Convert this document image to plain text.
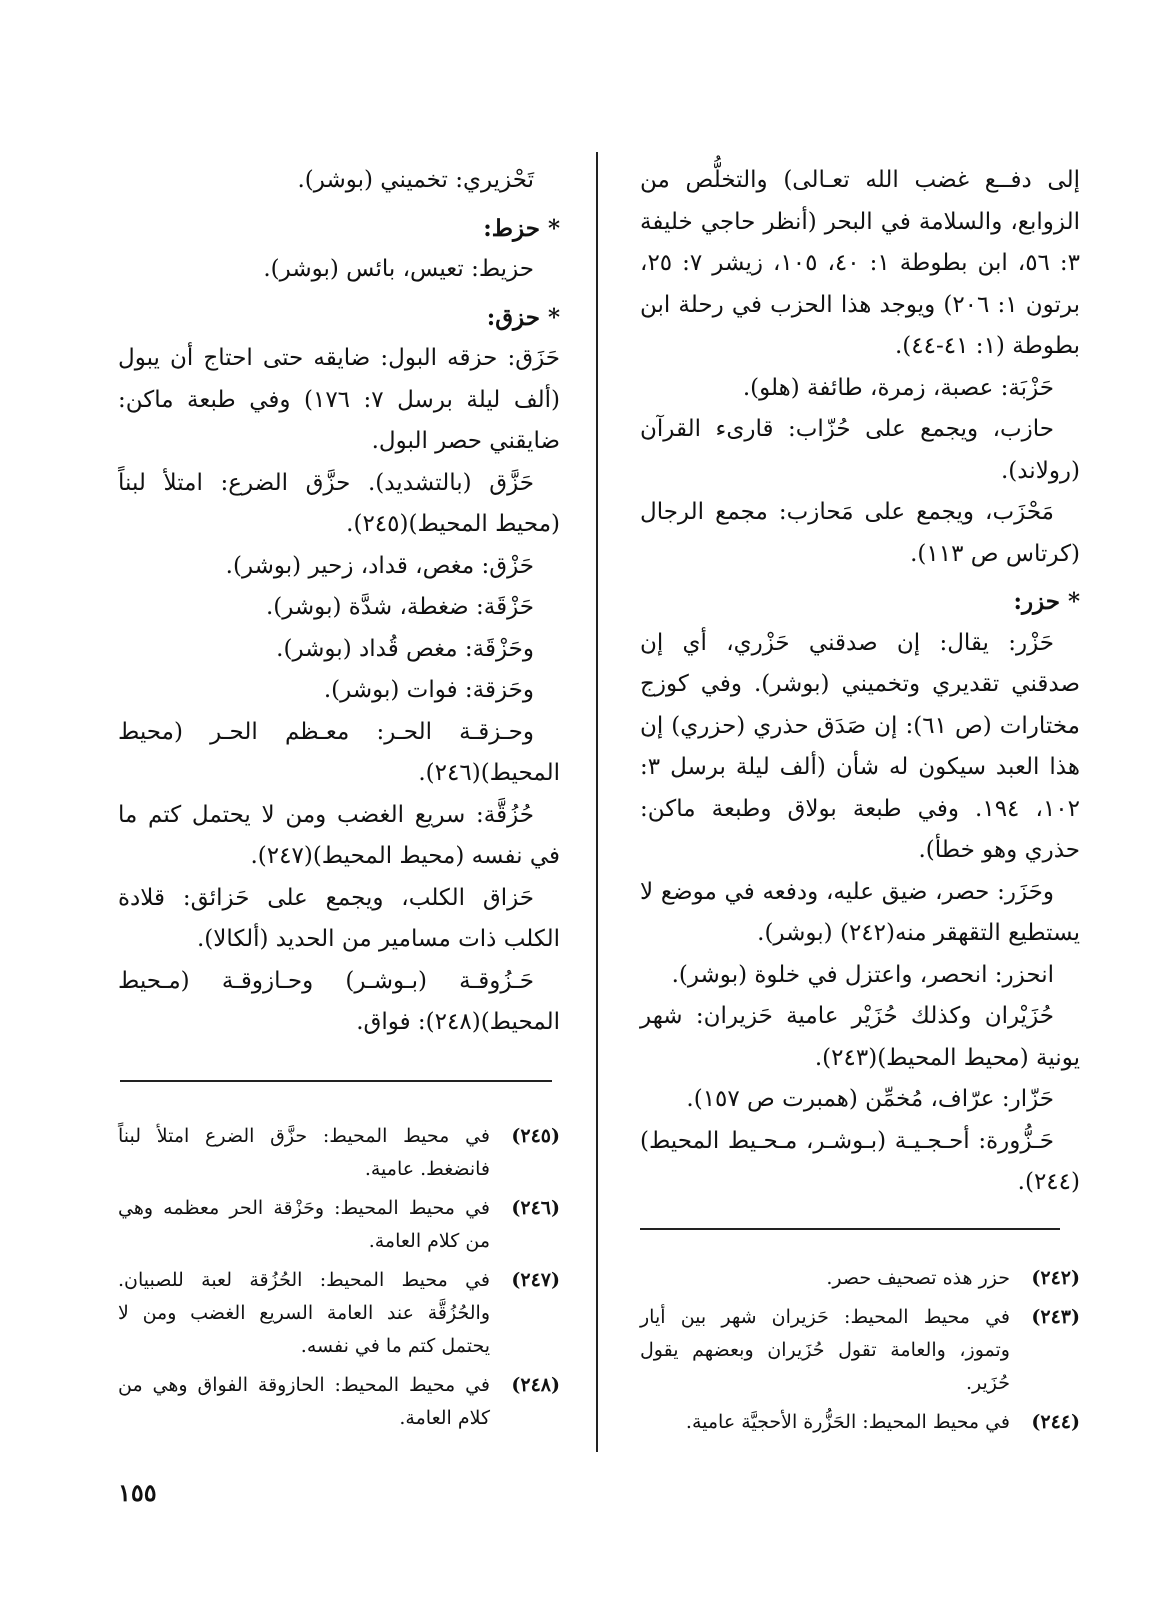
إلى دفــع غضب الله تعـالى) والتخلُّص من الزوابع، والسلامة في البحر (أنظر حاجي خليفة ٣: ٥٦، ابن بطوطة ١: ٤٠، ١٠٥، زيشر ٧: ٢٥، برتون ١: ٢٠٦) ويوجد هذا الحزب في رحلة ابن بطوطة (١: ٤١-٤٤).

حَزْبَة: عصبة، زمرة، طائفة (هلو).

حازب، ويجمع على حُزّاب: قارىء القرآن (رولاند).

مَحْزَب، ويجمع على مَحازب: مجمع الرجال (كرتاس ص ١١٣).

* حزر:

حَزْر: يقال: إن صدقني حَزْري، أي إن صدقني تقديري وتخميني (بوشر). وفي كوزج مختارات (ص ٦١): إن صَدَق حذري (حزري) إن هذا العبد سيكون له شأن (ألف ليلة برسل ٣: ١٠٢، ١٩٤. وفي طبعة بولاق وطبعة ماكن: حذري وهو خطأ).

وحَزَر: حصر، ضيق عليه، ودفعه في موضع لا يستطيع التقهقر منه(٢٤٢) (بوشر).

انحزر: انحصر، واعتزل في خلوة (بوشر).

حُزَيْران وكذلك حُزَيْر عامية حَزيران: شهر يونية (محيط المحيط)(٢٤٣).

حَزّار: عرّاف، مُخمِّن (همبرت ص ١٥٧).

حَـزُّورة: أحـجـيـة (بـوشـر، مـحـيط المحيط)(٢٤٤).

تَحْزيري: تخميني (بوشر).

* حزط:

حزيط: تعيس، بائس (بوشر).

* حزق:

حَزَق: حزقه البول: ضايقه حتى احتاج أن يبول (ألف ليلة برسل ٧: ١٧٦) وفي طبعة ماكن: ضايقني حصر البول.

حَزَّق (بالتشديد). حزَّق الضرع: امتلأ لبناً (محيط المحيط)(٢٤٥).

حَزْق: مغص، قداد، زحير (بوشر).

حَزْقَة: ضغطة، شدَّة (بوشر).

وحَزْقَة: مغص قُداد (بوشر).

وحَزقة: فوات (بوشر).

وحـزقـة الحـر: معـظم الحـر (محيط المحيط)(٢٤٦).

حُزُقَّة: سريع الغضب ومن لا يحتمل كتم ما في نفسه (محيط المحيط)(٢٤٧).

حَزاق الكلب، ويجمع على حَزائق: قلادة الكلب ذات مسامير من الحديد (ألكالا).

حَـزُوقـة (بـوشـر) وحـازوقـة (مـحيط المحيط)(٢٤٨): فواق.

(٢٤٢)
حزر هذه تصحيف حصر.
(٢٤٣)
في محيط المحيط: حَزيران شهر بين أيار وتموز، والعامة تقول حُزَيران وبعضهم يقول حُزَير.
(٢٤٤)
في محيط المحيط: الحَزُّرة الأحجيَّة عامية.
(٢٤٥)
في محيط المحيط: حزَّق الضرع امتلأ لبناً فانضغط. عامية.
(٢٤٦)
في محيط المحيط: وحَزْقة الحر معظمه وهي من كلام العامة.
(٢٤٧)
في محيط المحيط: الحُزُقة لعبة للصبيان. والحُزُقَّة عند العامة السريع الغضب ومن لا يحتمل كتم ما في نفسه.
(٢٤٨)
في محيط المحيط: الحازوقة الفواق وهي من كلام العامة.
١٥٥
